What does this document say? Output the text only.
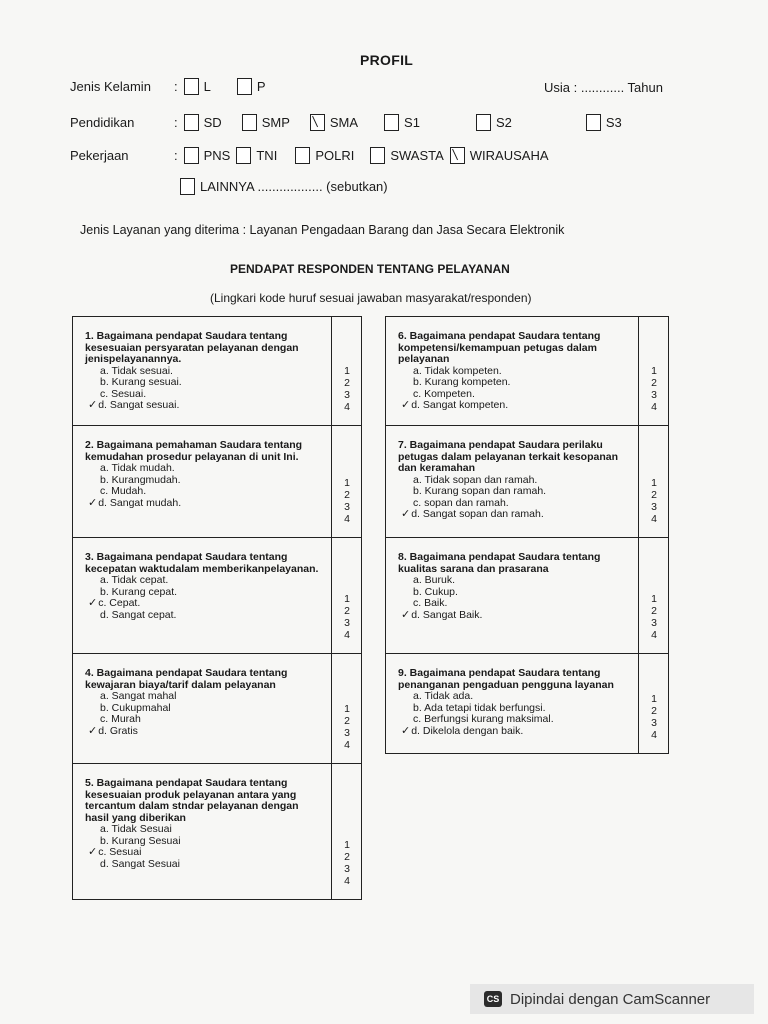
PROFIL
Jenis Kelamin	: L	P	Usia : ............ Tahun
Pendidikan	: SD	SMP	SMA	S1	S2	S3
Pekerjaan	: PNS TNI	POLRI	SWASTA WIRAUSAHA
LAINNYA .................. (sebutkan)
Jenis Layanan yang diterima : Layanan Pengadaan Barang dan Jasa Secara Elektronik
PENDAPAT RESPONDEN TENTANG PELAYANAN
(Lingkari kode huruf sesuai jawaban masyarakat/responden)
1. Bagaimana pendapat Saudara tentang kesesuaian persyaratan pelayanan dengan jenispelayanannya.
a. Tidak sesuai.
b. Kurang sesuai.
c. Sesuai.
✓ d. Sangat sesuai.
1
2
3
4
2. Bagaimana pemahaman Saudara tentang kemudahan prosedur pelayanan di unit Ini.
a. Tidak mudah.
b. Kurangmudah.
c. Mudah.
✓ d. Sangat mudah.
1
2
3
4
3. Bagaimana pendapat Saudara tentang kecepatan waktudalam memberikanpelayanan.
a. Tidak cepat.
b. Kurang cepat.
✓ c. Cepat.
d. Sangat cepat.
1
2
3
4
4. Bagaimana pendapat Saudara tentang kewajaran biaya/tarif dalam pelayanan
a. Sangat mahal
b. Cukupmahal
c. Murah
✓ d. Gratis
1
2
3
4
5. Bagaimana pendapat Saudara tentang kesesuaian produk pelayanan antara yang tercantum dalam stndar pelayanan dengan hasil yang diberikan
a. Tidak Sesuai
b. Kurang Sesuai
✓ c. Sesuai
d. Sangat Sesuai
1
2
3
4
6. Bagaimana pendapat Saudara tentang kompetensi/kemampuan petugas dalam pelayanan
a. Tidak kompeten.
b. Kurang kompeten.
c. Kompeten.
✓ d. Sangat kompeten.
1
2
3
4
7. Bagaimana pendapat Saudara perilaku petugas dalam pelayanan terkait kesopanan dan keramahan
a. Tidak sopan dan ramah.
b. Kurang sopan dan ramah.
c. sopan dan ramah.
✓ d. Sangat sopan dan ramah.
1
2
3
4
8. Bagaimana pendapat Saudara tentang kualitas sarana dan prasarana
a. Buruk.
b. Cukup.
c. Baik.
✓ d. Sangat Baik.
1
2
3
4
9. Bagaimana pendapat Saudara tentang penanganan pengaduan pengguna layanan
a. Tidak ada.
b. Ada tetapi tidak berfungsi.
c. Berfungsi kurang maksimal.
✓ d. Dikelola dengan baik.
1
2
3
4
CS Dipindai dengan CamScanner
